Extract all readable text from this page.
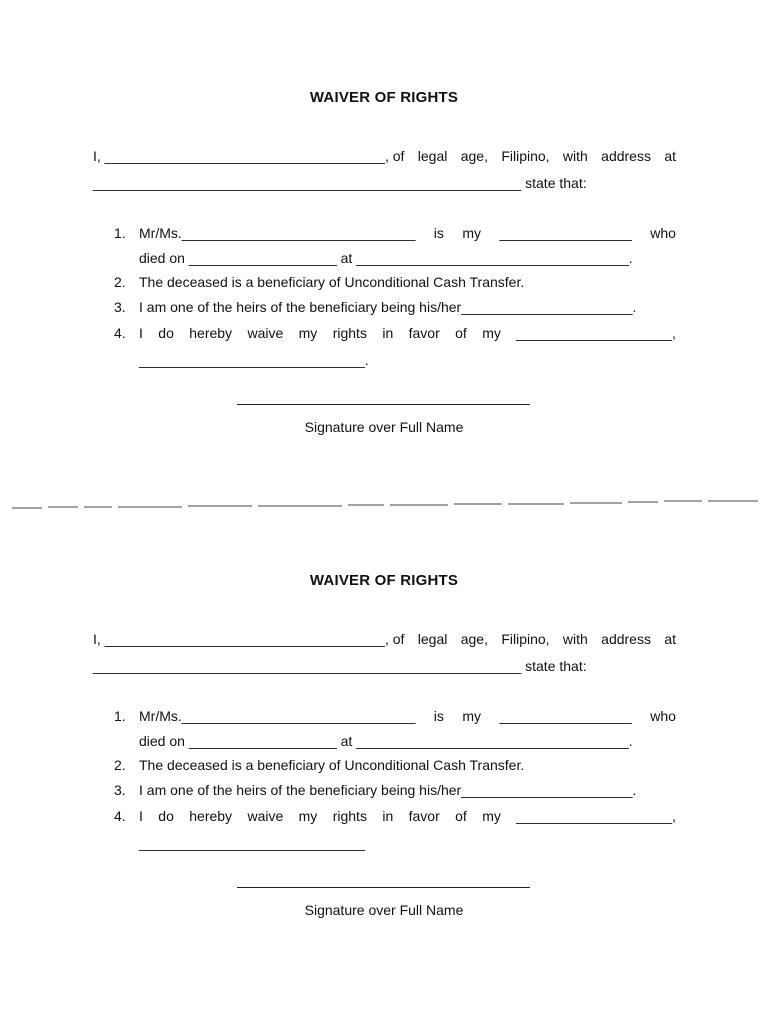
WAIVER OF RIGHTS
I, ____________________________________, of legal age, Filipino, with address at
_______________________________________________________ state that:
1. Mr/Ms.______________________________ is my _________________ who
died on ___________________ at ___________________________________.
2. The deceased is a beneficiary of Unconditional Cash Transfer.
3. I am one of the heirs of the beneficiary being his/her______________________.
4. I do hereby waive my rights in favor of my ____________________,
_____________________________.
Signature over Full Name
WAIVER OF RIGHTS
I, ____________________________________, of legal age, Filipino, with address at
_______________________________________________________ state that:
1. Mr/Ms.______________________________ is my _________________ who
died on ___________________ at ___________________________________.
2. The deceased is a beneficiary of Unconditional Cash Transfer.
3. I am one of the heirs of the beneficiary being his/her______________________.
4. I do hereby waive my rights in favor of my ____________________,
_____________________________
Signature over Full Name
